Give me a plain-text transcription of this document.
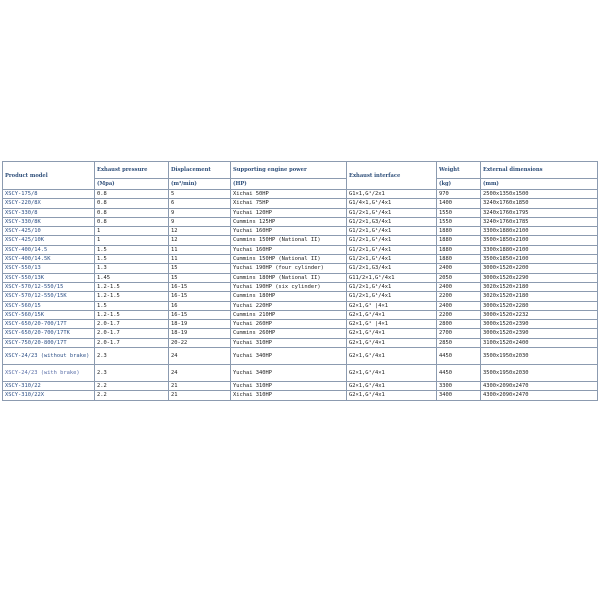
Product model	Exhaust pressure	Displacement	Supporting engine power	Exhaust interface	Weight	External dimensions
	(Mpa)	(m³/min)	(HP)		(kg)	(mm)
XSCY-175/8	0.8	5	Xichai 50HP	G1×1,G¹/2x1	970	2500x1350x1500
XSCY-220/8X	0.8	6	Xichai 75HP	G1/4×1,G¹/4x1	1400	3240x1760x1850
XSCY-330/8	0.8	9	Yuchai 120HP	G1/2×1,G¹/4x1	1550	3240x1760x1795
XSCY-330/8K	0.8	9	Cummins 125HP	G1/2×1,G3/4x1	1550	3240×1760x1785
XSCY-425/10	1	12	Yuchai 160HP	G1/2×1,G¹/4x1	1880	3300x1880x2100
XSCY-425/10K	1	12	Cummins 150HP (National II)	G1/2×1,G¹/4x1	1880	3500×1850x2100
XSCY-400/14.5	1.5	11	Yuchai 160HP	G1/2×1,G¹/4x1	1880	3300x1880×2100
XSCY-400/14.5K	1.5	11	Cummins 150HP (National II)	G1/2×1,G¹/4x1	1880	3500x1850×2100
XSCY-550/13	1.3	15	Yuchai 190HP (four cylinder)	G1/2×1,G3/4x1	2400	3000×1520×2200
XSCY-550/13K	1.45	15	Cummins 180HP (National II)	G11/2×1,G¹/4x1	2050	3000x1520x2290
XSCY-570/12-550/15	1.2-1.5	16-15	Yuchai 190HP (six cylinder)	G1/2×1,G¹/4x1	2400	3020x1520×2180
XSCY-570/12-550/15K	1.2-1.5	16-15	Cummins 180HP	G1/2×1,G¹/4x1	2200	3020x1520×2180
XSCY-560/15	1.5	16	Yuchai 220HP	G2×1,G¹ |4×1	2400	3000x1520×2280
XSCY-560/15K	1.2-1.5	16-15	Cummins 210HP	G2×1,G¹/4×1	2200	3000×1520×2232
XSCY-650/20-700/17T	2.0-1.7	18-19	Yuchai 260HP	G2×1,G¹ |4×1	2800	3000x1520×2390
XSCY-650/20-700/17TK	2.0-1.7	18-19	Cummins 260HP	G2×1,G¹/4×1	2700	3000x1520×2390
XSCY-750/20-800/17T	2.0-1.7	20-22	Yuchai 310HP	G2×1,G¹/4×1	2850	3100x1520×2400
XSCY-24/23 (without brake)	2.3	24	Yuchai 340HP	G2×1,G¹/4x1	4450	3500x1950x2030
XSCY-24/23 (with brake)	2.3	24	Yuchai 340HP	G2×1,G¹/4×1	4450	3500x1950x2030
XSCY-310/22	2.2	21	Yuchai 310HP	G2×1,G¹/4x1	3300	4300×2090x2470
XSCY-310/22X	2.2	21	Xichai 310HP	G2×1,G¹/4x1	3400	4300×2090×2470
